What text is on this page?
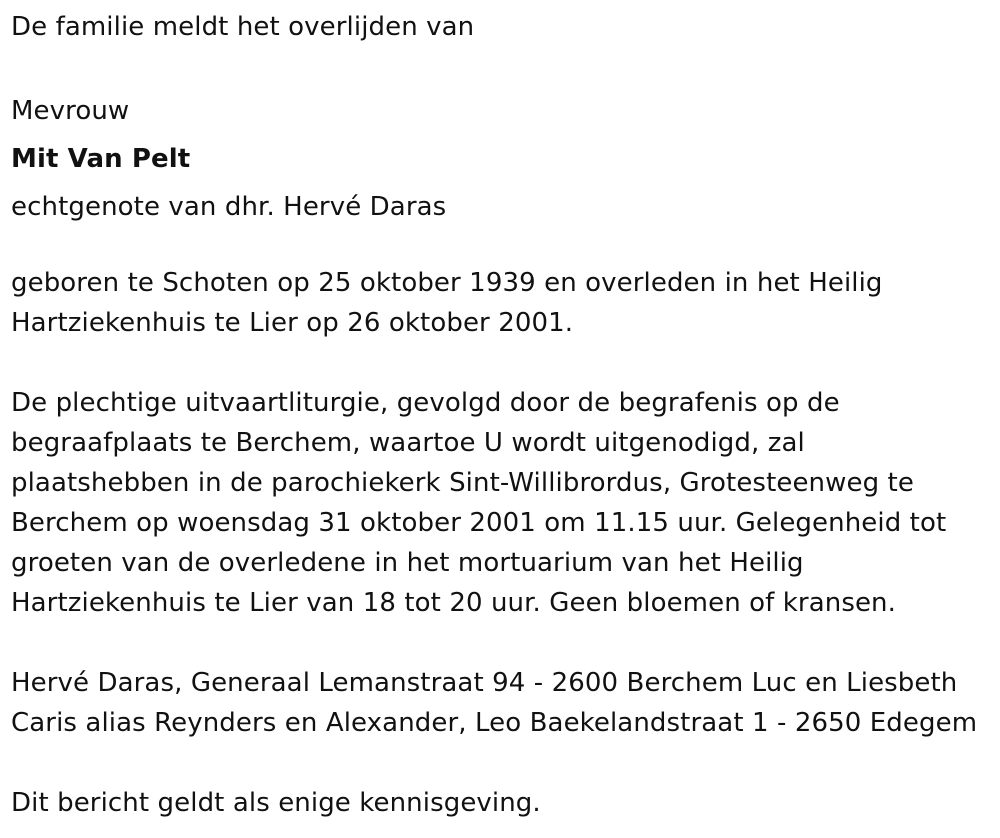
De familie meldt het overlijden van

Mevrouw
Mit Van Pelt
echtgenote van dhr. Hervé Daras

geboren te Schoten op 25 oktober 1939 en overleden in het Heilig
Hartziekenhuis te Lier op 26 oktober 2001.

De plechtige uitvaartliturgie, gevolgd door de begrafenis op de
begraafplaats te Berchem, waartoe U wordt uitgenodigd, zal
plaatshebben in de parochiekerk Sint-Willibrordus, Grotesteenweg te
Berchem op woensdag 31 oktober 2001 om 11.15 uur. Gelegenheid tot
groeten van de overledene in het mortuarium van het Heilig
Hartziekenhuis te Lier van 18 tot 20 uur. Geen bloemen of kransen.

Hervé Daras, Generaal Lemanstraat 94 - 2600 Berchem Luc en Liesbeth
Caris alias Reynders en Alexander, Leo Baekelandstraat 1 - 2650 Edegem

Dit bericht geldt als enige kennisgeving.
